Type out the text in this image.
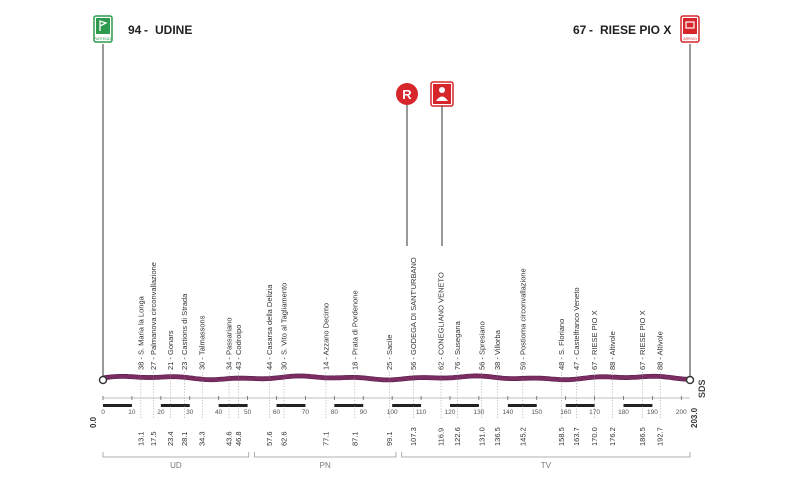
PARTENZA
94 - UDINE
ARRIVO
67 - RIESE PIO X
R
0	10	20	30	40	50	60	70	80	90	100	110	120	130	140	150	160	170	180	190	200
38 - S. Maria la Longa 27 - Palmanova circonvallazione 21 - Gonars 23 - Castions di Strada 30 - Talmassons 34 - Passariano 43 - Codroipo	44 - Casarsa della Delizia 30 - S. Vito al Tagliamento	14 - Azzano Decimo	18 - Prata di Pordenone	25 - Sacile 56 - GODEGA DI SANT'URBANO	62 - CONEGLIANO VENETO 76 - Susegana 56 - Spresiano 38 - Villorba 59 - Postioma circonvallazione	48 - S. Floriano 47 - Castelfranco Veneto 67 - RIESE PIO X 88 - Altivole	67 - RIESE PIO X 88 - Altivole
13.1 17.5 23.4 28.1 34.3 43.6 46.8	57.6 62.6	77.1	87.1	99.1 107.3	116.9 122.6 131.0 136.5 145.2	158.5 163.7 170.0 176.2	186.5 192.7
UD	PN	TV
0.0	203.0
SDS
